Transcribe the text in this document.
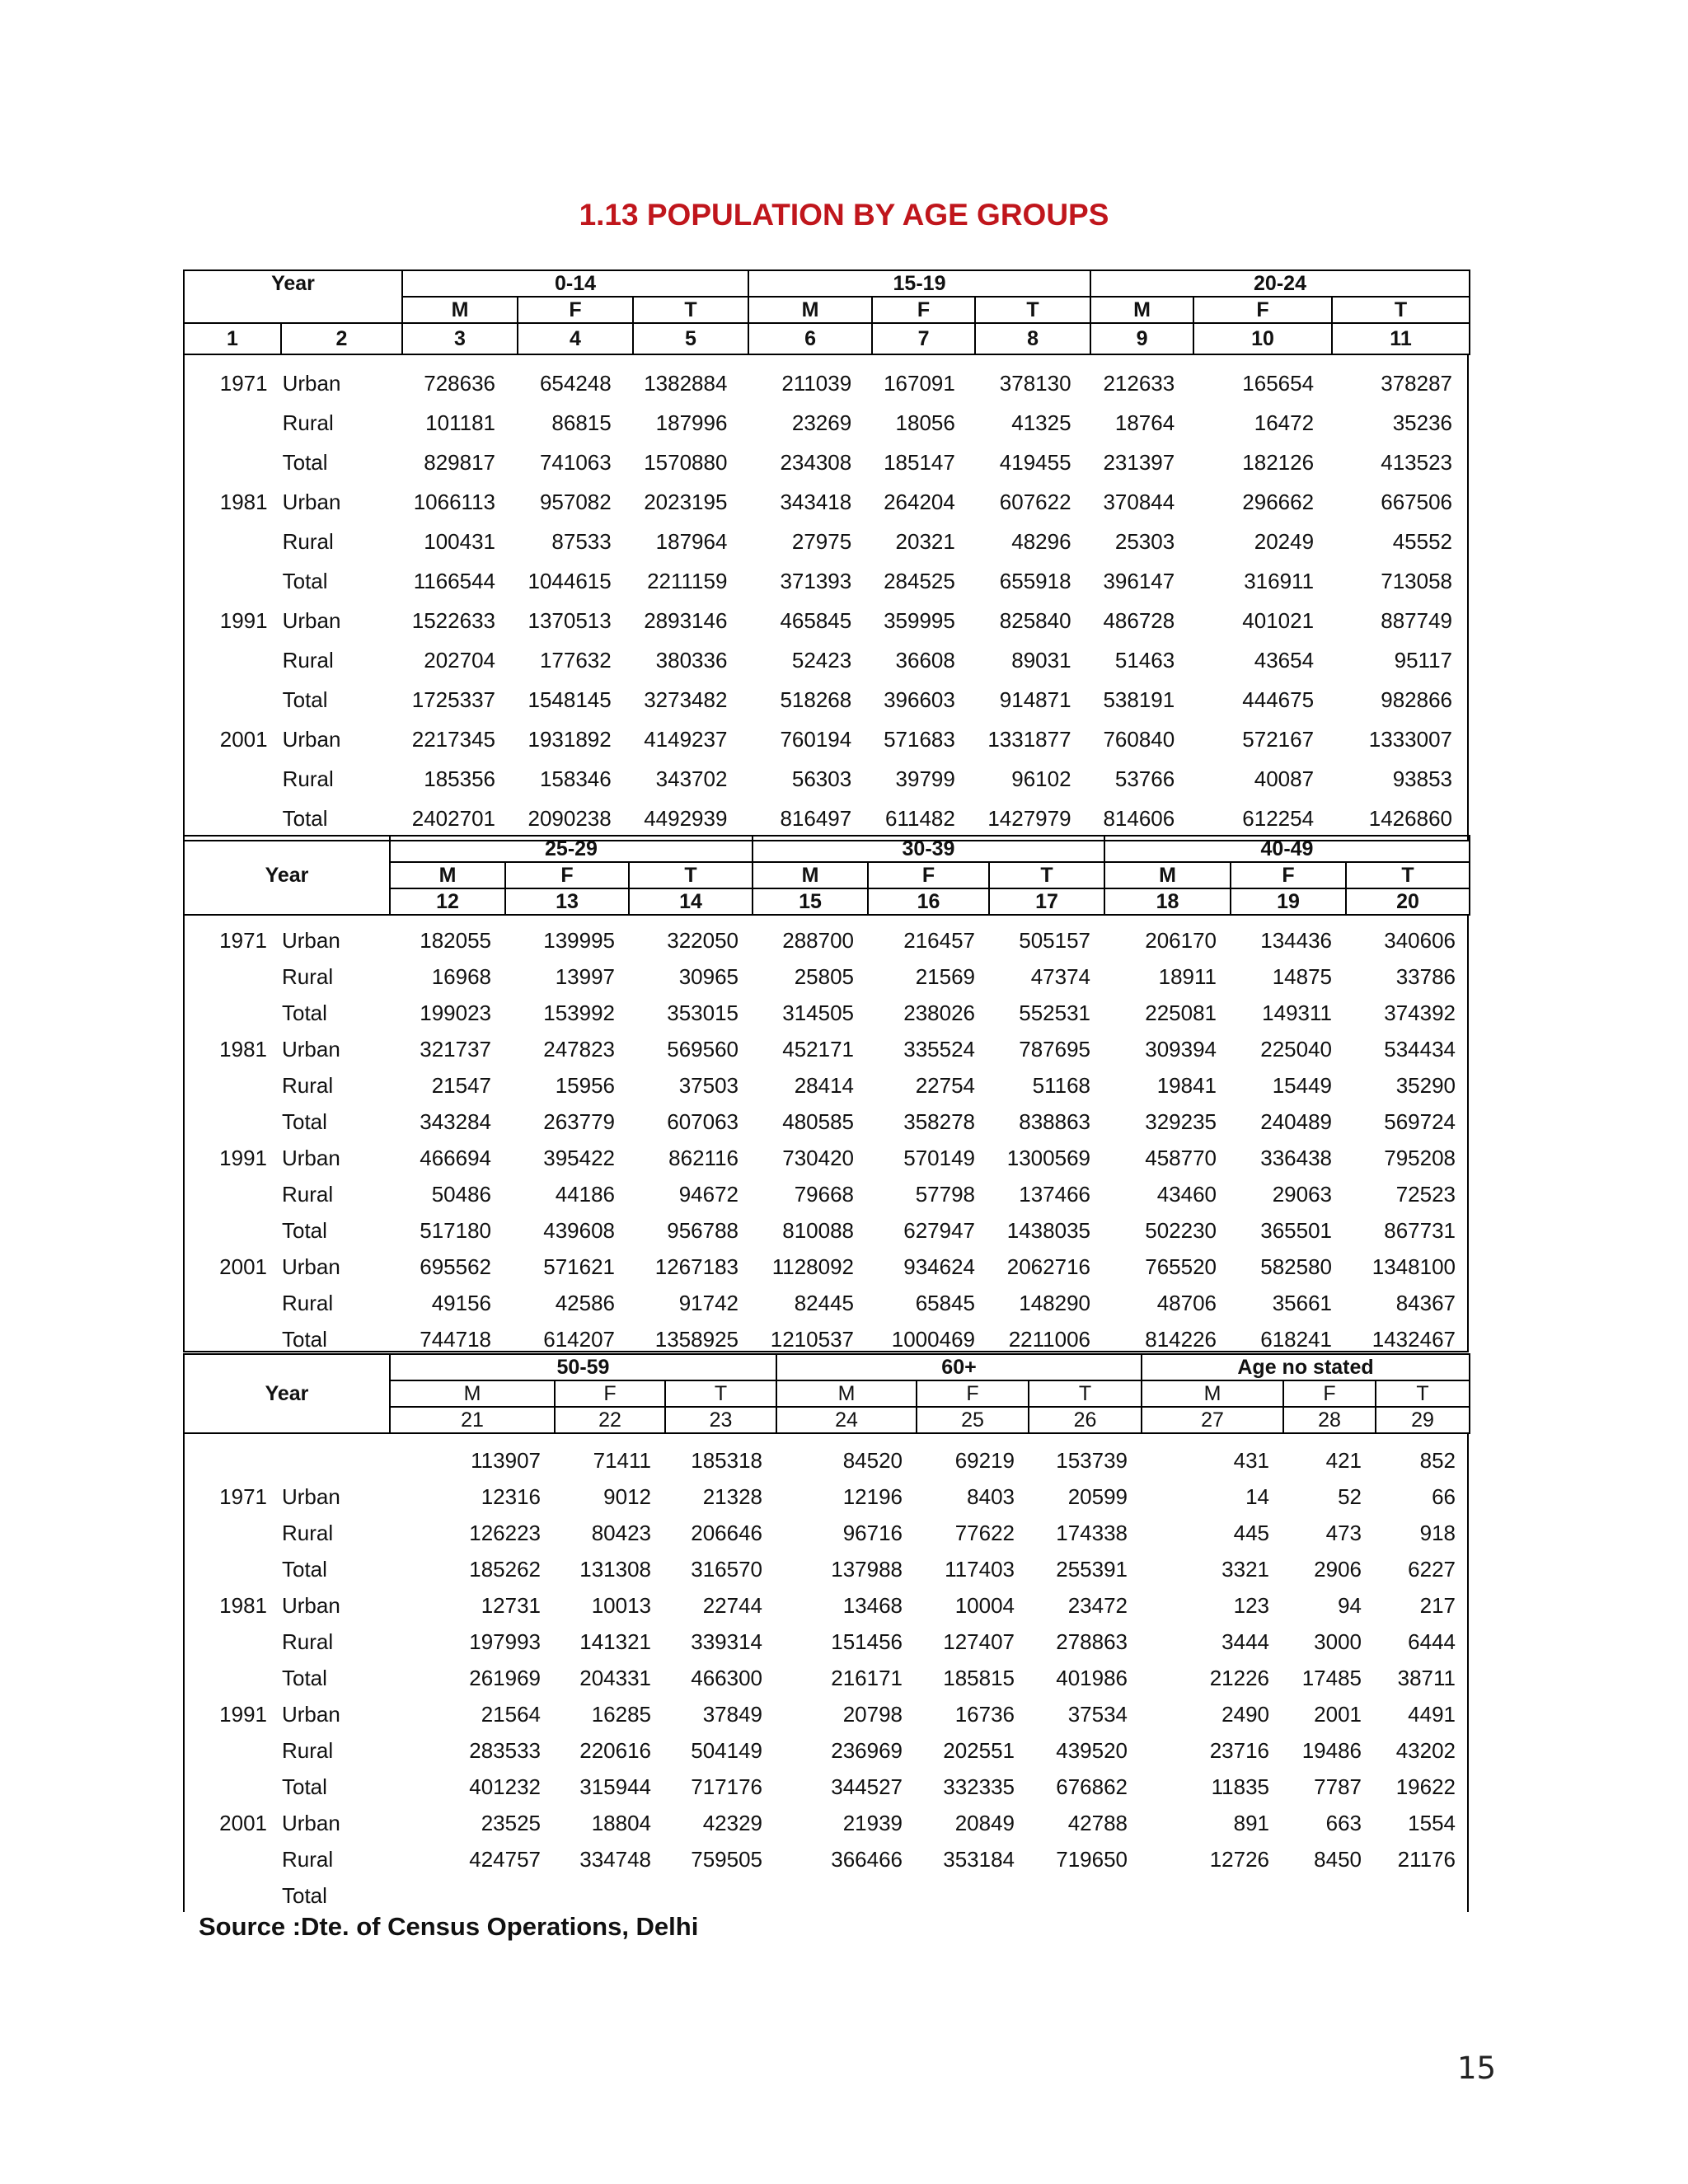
1.13 POPULATION BY AGE GROUPS
Year		0-14			15-19			20-24		
		M	F	T	M	F	T	M	F	T
1	2	3	4	5	6	7	8	9	10	11
1971	Urban	728636	654248	1382884	211039	167091	378130	212633	165654	378287
	Rural	101181	86815	187996	23269	18056	41325	18764	16472	35236
	Total	829817	741063	1570880	234308	185147	419455	231397	182126	413523
1981	Urban	1066113	957082	2023195	343418	264204	607622	370844	296662	667506
	Rural	100431	87533	187964	27975	20321	48296	25303	20249	45552
	Total	1166544	1044615	2211159	371393	284525	655918	396147	316911	713058
1991	Urban	1522633	1370513	2893146	465845	359995	825840	486728	401021	887749
	Rural	202704	177632	380336	52423	36608	89031	51463	43654	95117
	Total	1725337	1548145	3273482	518268	396603	914871	538191	444675	982866
2001	Urban	2217345	1931892	4149237	760194	571683	1331877	760840	572167	1333007
	Rural	185356	158346	343702	56303	39799	96102	53766	40087	93853
	Total	2402701	2090238	4492939	816497	611482	1427979	814606	612254	1426860
Year	25-29			30-39			40-49		
	M	F	T	M	F	T	M	F	T
	12	13	14	15	16	17	18	19	20
1971	Urban	182055	139995	322050	288700	216457	505157	206170	134436	340606
	Rural	16968	13997	30965	25805	21569	47374	18911	14875	33786
	Total	199023	153992	353015	314505	238026	552531	225081	149311	374392
1981	Urban	321737	247823	569560	452171	335524	787695	309394	225040	534434
	Rural	21547	15956	37503	28414	22754	51168	19841	15449	35290
	Total	343284	263779	607063	480585	358278	838863	329235	240489	569724
1991	Urban	466694	395422	862116	730420	570149	1300569	458770	336438	795208
	Rural	50486	44186	94672	79668	57798	137466	43460	29063	72523
	Total	517180	439608	956788	810088	627947	1438035	502230	365501	867731
2001	Urban	695562	571621	1267183	1128092	934624	2062716	765520	582580	1348100
	Rural	49156	42586	91742	82445	65845	148290	48706	35661	84367
	Total	744718	614207	1358925	1210537	1000469	2211006	814226	618241	1432467
Year	50-59			60+			Age no stated		
	M	F	T	M	F	T	M	F	T
	21	22	23	24	25	26	27	28	29
		113907	71411	185318	84520	69219	153739	431	421	852
1971	Urban	12316	9012	21328	12196	8403	20599	14	52	66
	Rural	126223	80423	206646	96716	77622	174338	445	473	918
	Total	185262	131308	316570	137988	117403	255391	3321	2906	6227
1981	Urban	12731	10013	22744	13468	10004	23472	123	94	217
	Rural	197993	141321	339314	151456	127407	278863	3444	3000	6444
	Total	261969	204331	466300	216171	185815	401986	21226	17485	38711
1991	Urban	21564	16285	37849	20798	16736	37534	2490	2001	4491
	Rural	283533	220616	504149	236969	202551	439520	23716	19486	43202
	Total	401232	315944	717176	344527	332335	676862	11835	7787	19622
2001	Urban	23525	18804	42329	21939	20849	42788	891	663	1554
	Rural	424757	334748	759505	366466	353184	719650	12726	8450	21176
	Total									

Source :Dte. of Census Operations, Delhi

15
